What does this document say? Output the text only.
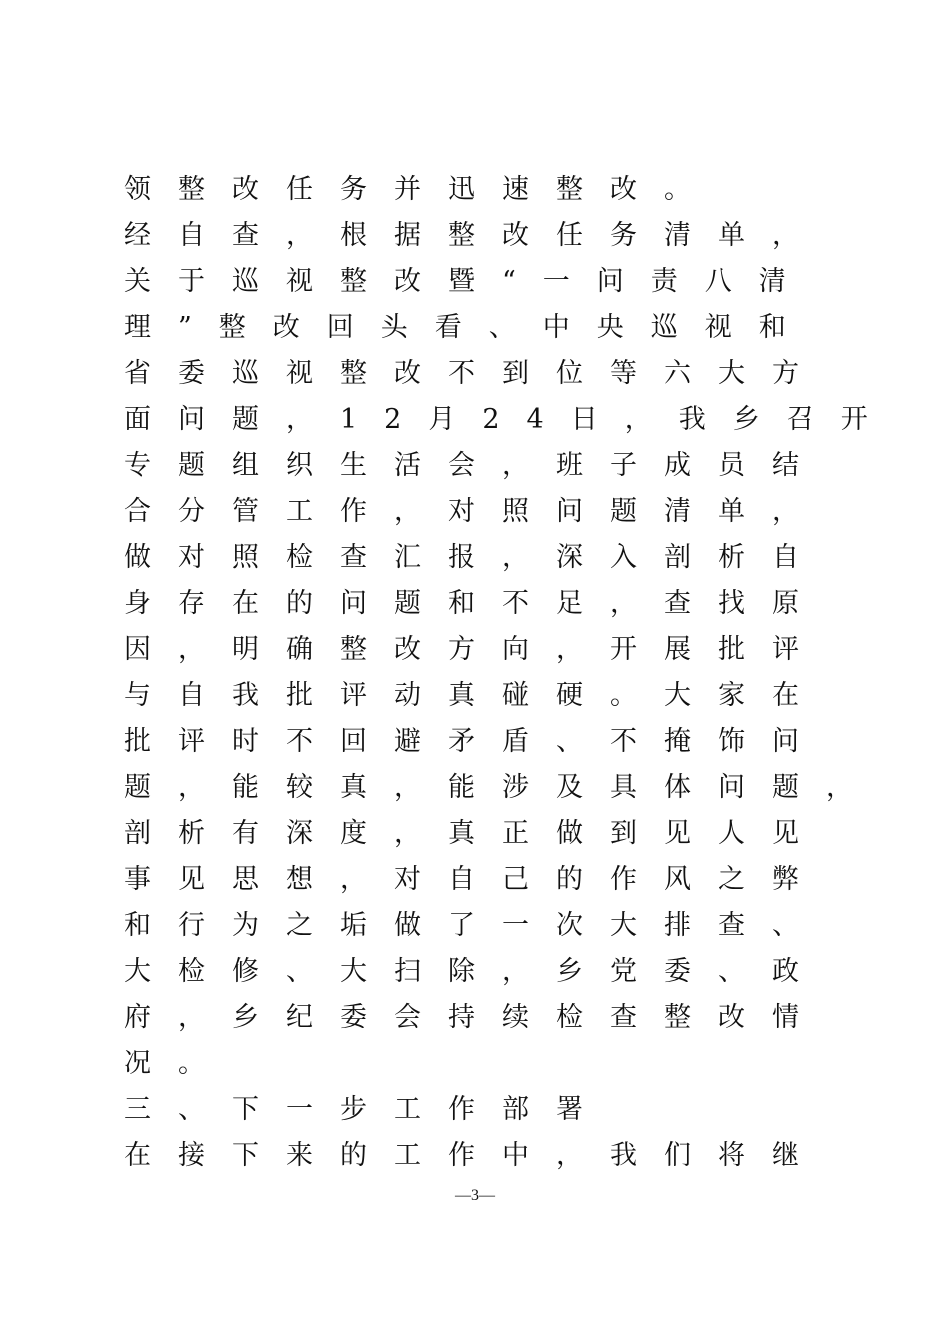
领整改任务并迅速整改。
经自查，根据整改任务清单，
关于巡视整改暨“一问责八清
理”整改回头看、中央巡视和
省委巡视整改不到位等六大方
面问题，12月24日，我乡召开
专题组织生活会，班子成员结
合分管工作，对照问题清单，
做对照检查汇报，深入剖析自
身存在的问题和不足，查找原
因，明确整改方向，开展批评
与自我批评动真碰硬。大家在
批评时不回避矛盾、不掩饰问
题，能较真，能涉及具体问题，
剖析有深度，真正做到见人见
事见思想，对自己的作风之弊
和行为之垢做了一次大排查、
大检修、大扫除，乡党委、政
府，乡纪委会持续检查整改情
况。
三、下一步工作部署
在接下来的工作中，我们将继
—3—
